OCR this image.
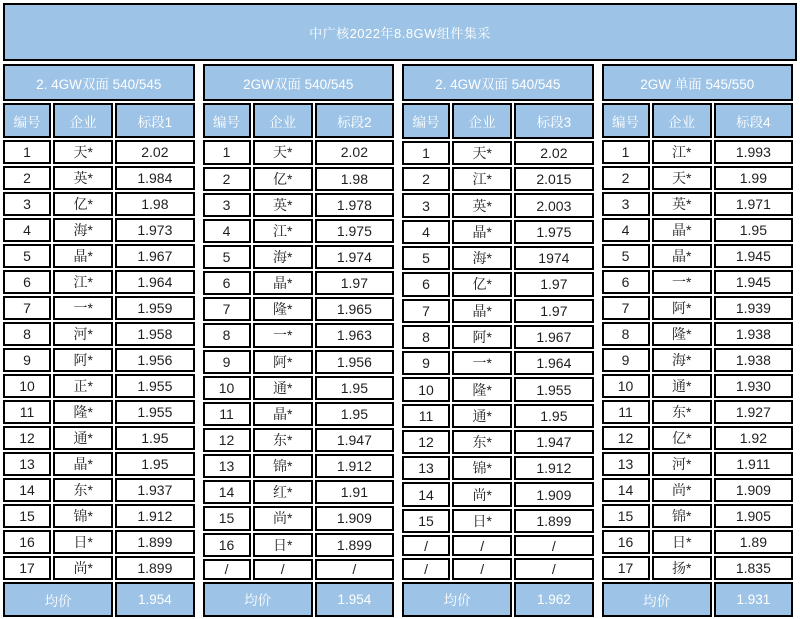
中广核2022年8.8GW组件集采
2. 4GW双面 540/545		
编号	企业	标段1
1	天*	2.02
2	英*	1.984
3	亿*	1.98
4	海*	1.973
5	晶*	1.967
6	江*	1.964
7	一*	1.959
8	河*	1.958
9	阿*	1.956
10	正*	1.955
11	隆*	1.955
12	通*	1.95
13	晶*	1.95
14	东*	1.937
15	锦*	1.912
16	日*	1.899
17	尚*	1.899
均价		1.954
2GW双面 540/545		
编号	企业	标段2
1	天*	2.02
2	亿*	1.98
3	英*	1.978
4	江*	1.975
5	海*	1.974
6	晶*	1.97
7	隆*	1.965
8	一*	1.963
9	阿*	1.956
10	通*	1.95
11	晶*	1.95
12	东*	1.947
13	锦*	1.912
14	红*	1.91
15	尚*	1.909
16	日*	1.899
/	/	/
均价		1.954
2. 4GW双面 540/545		
编号	企业	标段3
1	天*	2.02
2	江*	2.015
3	英*	2.003
4	晶*	1.975
5	海*	1974
6	亿*	1.97
7	晶*	1.97
8	阿*	1.967
9	一*	1.964
10	隆*	1.955
11	通*	1.95
12	东*	1.947
13	锦*	1.912
14	尚*	1.909
15	日*	1.899
/	/	/
/	/	/
均价		1.962
2GW 单面 545/550		
编号	企业	标段4
1	江*	1.993
2	天*	1.99
3	英*	1.971
4	晶*	1.95
5	晶*	1.945
6	一*	1.945
7	阿*	1.939
8	隆*	1.938
9	海*	1.938
10	通*	1.930
11	东*	1.927
12	亿*	1.92
13	河*	1.911
14	尚*	1.909
15	锦*	1.905
16	日*	1.89
17	扬*	1.835
均价		1.931
